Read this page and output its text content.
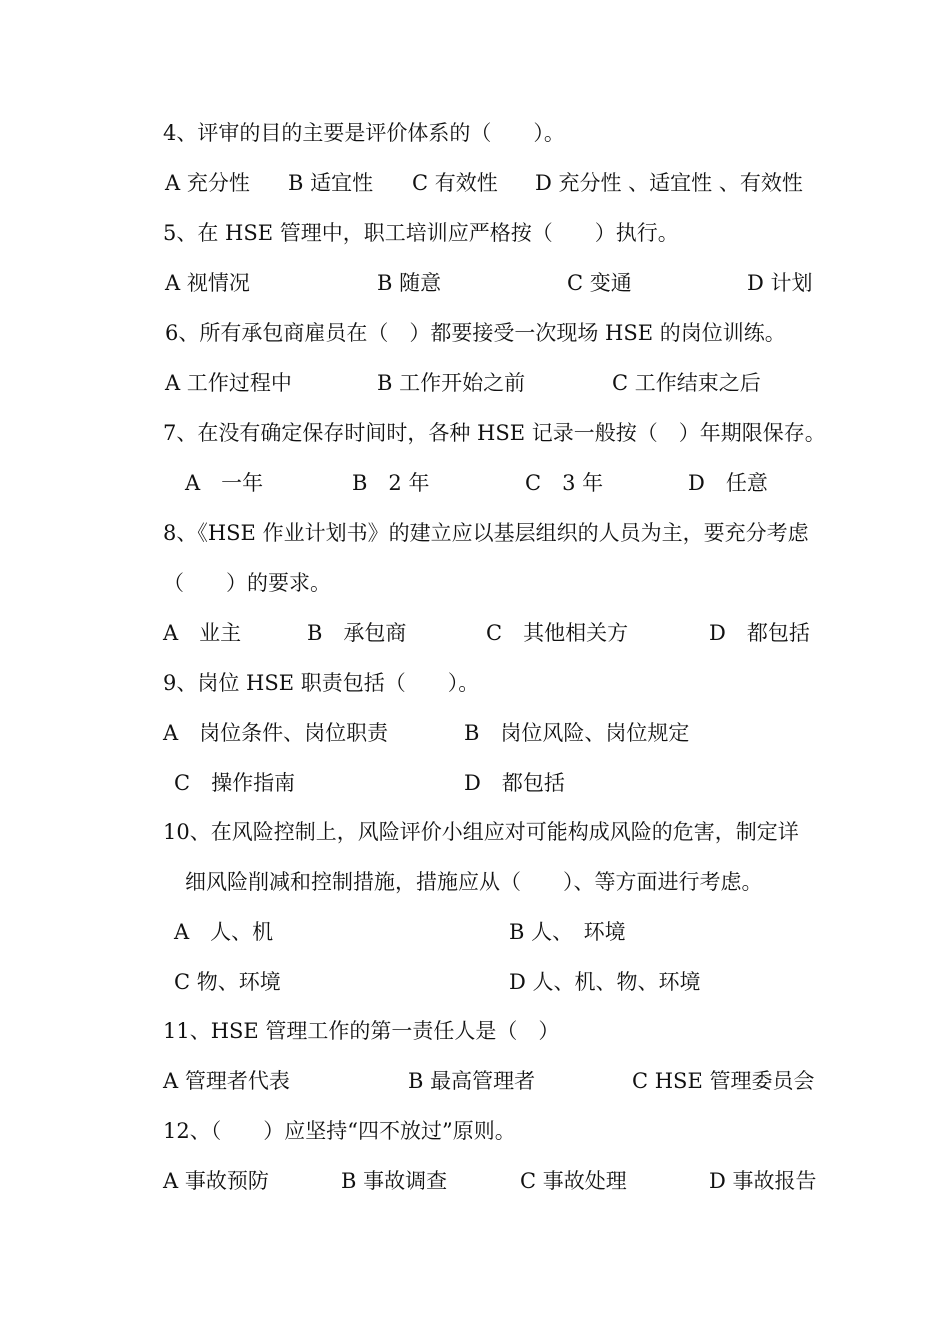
4、评审的目的主要是评价体系的（　　）。
A 充分性 B 适宜性 C 有效性 D 充分性 、适宜性 、有效性
5、在 HSE 管理中，职工培训应严格按（　　）执行。
A 视情况	B 随意	C 变通	D 计划
6、所有承包商雇员在（　）都要接受一次现场 HSE 的岗位训练。
A 工作过程中	B 工作开始之前	C 工作结束之后
7、在没有确定保存时间时，各种 HSE 记录一般按（　）年期限保存。
A　一年	B　2 年	C　3 年	D　任意
8、《HSE 作业计划书》的建立应以基层组织的人员为主，要充分考虑
（　　）的要求。
A　业主	B　承包商	C　其他相关方	D　都包括
9、岗位 HSE 职责包括（　　）。
A　岗位条件、岗位职责	B　岗位风险、岗位规定
C　操作指南	D　都包括
10、在风险控制上，风险评价小组应对可能构成风险的危害，制定详
细风险削减和控制措施，措施应从（　　）、等方面进行考虑。
A　人、机	B 人、　环境
C 物、环境	D 人、机、物、环境
11、HSE 管理工作的第一责任人是（　）
A 管理者代表	B 最高管理者	C HSE 管理委员会
12、（　　）应坚持“四不放过”原则。
A 事故预防	B 事故调查	C 事故处理	D 事故报告
